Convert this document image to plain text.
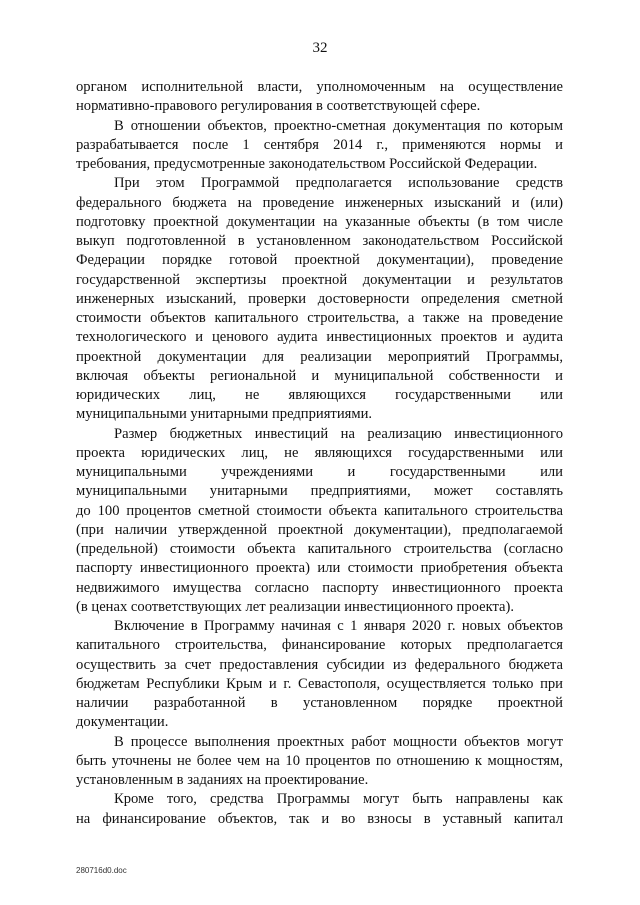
32

органом исполнительной власти, уполномоченным на осуществление
нормативно-правового регулирования в соответствующей сфере.

В отношении объектов, проектно-сметная документация по которым
разрабатывается после 1 сентября 2014 г., применяются нормы и
требования, предусмотренные законодательством Российской Федерации.

При этом Программой предполагается использование средств
федерального бюджета на проведение инженерных изысканий и (или)
подготовку проектной документации на указанные объекты (в том числе
выкуп подготовленной в установленном законодательством Российской
Федерации порядке готовой проектной документации), проведение
государственной экспертизы проектной документации и результатов
инженерных изысканий, проверки достоверности определения сметной
стоимости объектов капитального строительства, а также на проведение
технологического и ценового аудита инвестиционных проектов и аудита
проектной документации для реализации мероприятий Программы,
включая объекты региональной и муниципальной собственности и
юридических лиц, не являющихся государственными или
муниципальными унитарными предприятиями.

Размер бюджетных инвестиций на реализацию инвестиционного
проекта юридических лиц, не являющихся государственными или
муниципальными учреждениями и государственными или
муниципальными унитарными предприятиями, может составлять
до 100 процентов сметной стоимости объекта капитального строительства
(при наличии утвержденной проектной документации), предполагаемой
(предельной) стоимости объекта капитального строительства (согласно
паспорту инвестиционного проекта) или стоимости приобретения объекта
недвижимого имущества согласно паспорту инвестиционного проекта
(в ценах соответствующих лет реализации инвестиционного проекта).

Включение в Программу начиная с 1 января 2020 г. новых объектов
капитального строительства, финансирование которых предполагается
осуществить за счет предоставления субсидии из федерального бюджета
бюджетам Республики Крым и г. Севастополя, осуществляется только при
наличии разработанной в установленном порядке проектной
документации.

В процессе выполнения проектных работ мощности объектов могут
быть уточнены не более чем на 10 процентов по отношению к мощностям,
установленным в заданиях на проектирование.

Кроме того, средства Программы могут быть направлены как
на финансирование объектов, так и во взносы в уставный капитал

280716d0.doc
